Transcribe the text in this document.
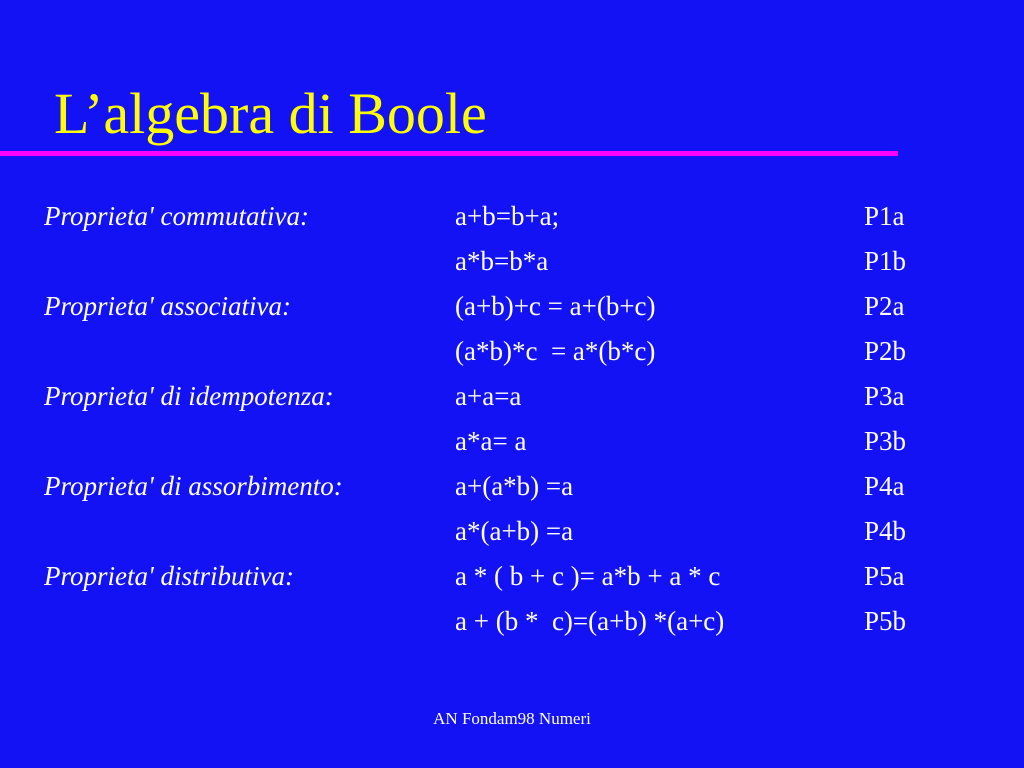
L’algebra di Boole
Proprieta' commutativa:	a+b=b+a;	P1a
a*b=b*a	P1b
Proprieta' associativa:	(a+b)+c = a+(b+c)	P2a
(a*b)*c  = a*(b*c)	P2b
Proprieta' di idempotenza:	a+a=a	P3a
a*a= a	P3b
Proprieta' di assorbimento:	a+(a*b) =a	P4a
a*(a+b) =a	P4b
Proprieta' distributiva:	a * ( b + c )= a*b + a * c	P5a
a + (b *  c)=(a+b) *(a+c)	P5b
AN Fondam98 Numeri
